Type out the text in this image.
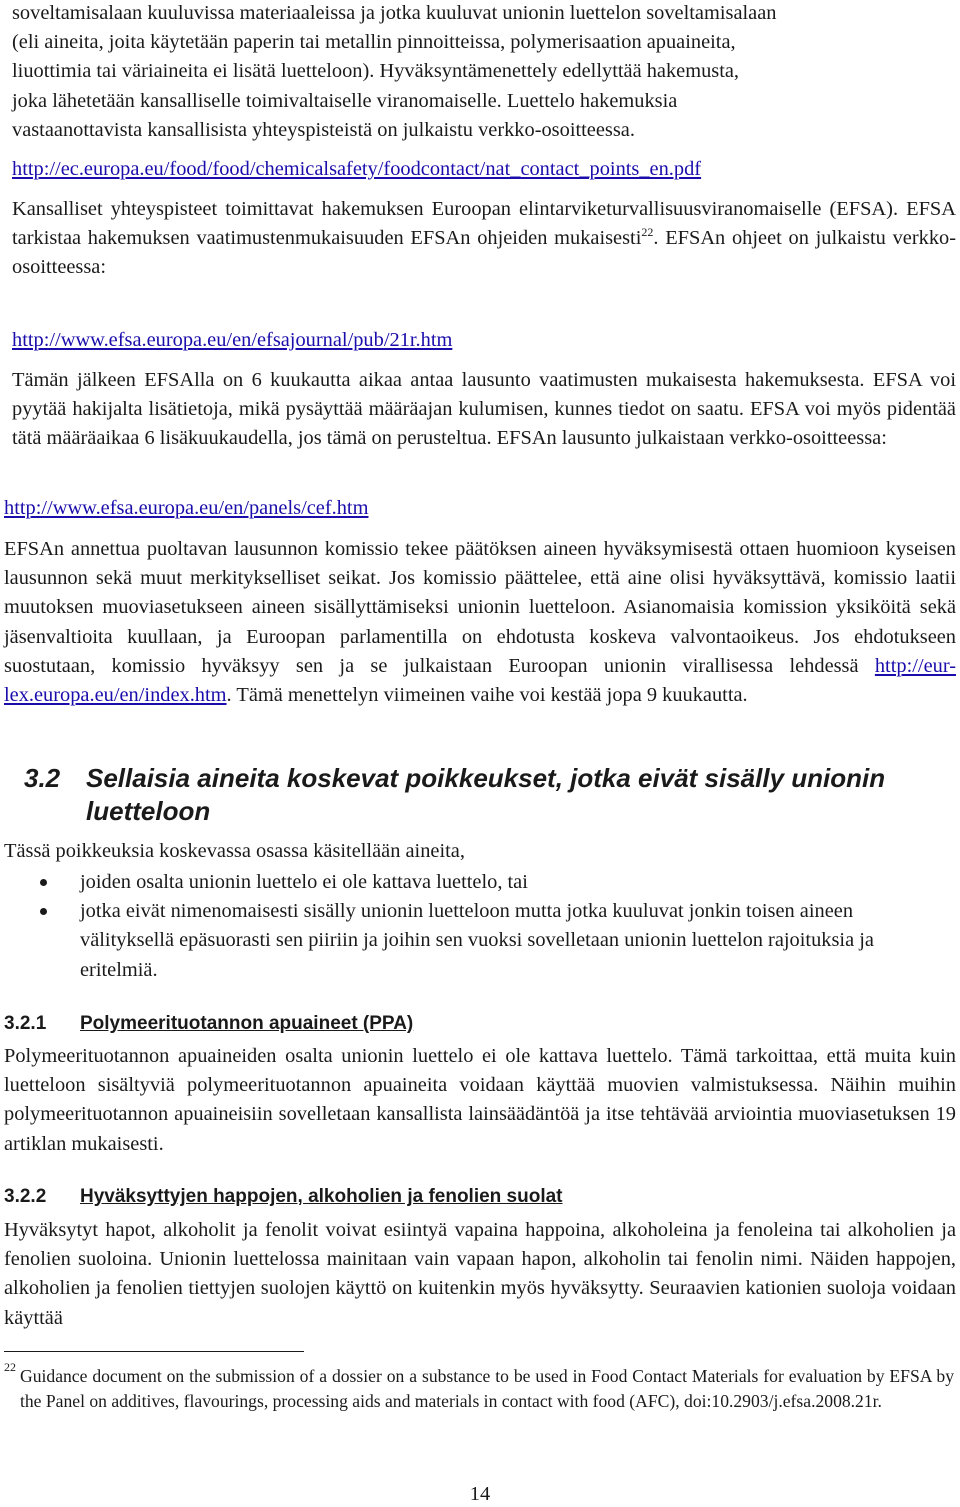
soveltamisalaan kuuluvissa materiaaleissa ja jotka kuuluvat unionin luettelon soveltamisalaan
(eli aineita, joita käytetään paperin tai metallin pinnoitteissa, polymerisaation apuaineita,
liuottimia tai väriaineita ei lisätä luetteloon). Hyväksyntämenettely edellyttää hakemusta,
joka lähetetään kansalliselle toimivaltaiselle viranomaiselle. Luettelo hakemuksia
vastaanottavista kansallisista yhteyspisteistä on julkaistu verkko-osoitteessa.
http://ec.europa.eu/food/food/chemicalsafety/foodcontact/nat_contact_points_en.pdf

Kansalliset yhteyspisteet toimittavat hakemuksen Euroopan elintarviketurvallisuusviranomaiselle (EFSA). EFSA tarkistaa hakemuksen vaatimustenmukaisuuden EFSAn ohjeiden mukaisesti$^{22}$. EFSAn ohjeet on julkaistu verkko-osoitteessa:

http://www.efsa.europa.eu/en/efsajournal/pub/21r.htm

Tämän jälkeen EFSAlla on 6 kuukautta aikaa antaa lausunto vaatimusten mukaisesta hakemuksesta. EFSA voi pyytää hakijalta lisätietoja, mikä pysäyttää määräajan kulumisen, kunnes tiedot on saatu. EFSA voi myös pidentää tätä määräaikaa 6 lisäkuukaudella, jos tämä on perusteltua. EFSAn lausunto julkaistaan verkko-osoitteessa:

http://www.efsa.europa.eu/en/panels/cef.htm

EFSAn annettua puoltavan lausunnon komissio tekee päätöksen aineen hyväksymisestä ottaen huomioon kyseisen lausunnon sekä muut merkitykselliset seikat. Jos komissio päättelee, että aine olisi hyväksyttävä, komissio laatii muutoksen muoviasetukseen aineen sisällyttämiseksi unionin luetteloon. Asianomaisia komission yksiköitä sekä jäsenvaltioita kuullaan, ja Euroopan parlamentilla on ehdotusta koskeva valvontaoikeus. Jos ehdotukseen suostutaan, komissio hyväksyy sen ja se julkaistaan Euroopan unionin virallisessa lehdessä http://eur-lex.europa.eu/en/index.htm. Tämä menettelyn viimeinen vaihe voi kestää jopa 9 kuukautta.

3.2 Sellaisia aineita koskevat poikkeukset, jotka eivät sisälly unionin luetteloon

Tässä poikkeuksia koskevassa osassa käsitellään aineita,

joiden osalta unionin luettelo ei ole kattava luettelo, tai
jotka eivät nimenomaisesti sisälly unionin luetteloon mutta jotka kuuluvat jonkin toisen aineen välityksellä epäsuorasti sen piiriin ja joihin sen vuoksi sovelletaan unionin luettelon rajoituksia ja eritelmiä.
3.2.1 Polymeerituotannon apuaineet (PPA)

Polymeerituotannon apuaineiden osalta unionin luettelo ei ole kattava luettelo. Tämä tarkoittaa, että muita kuin luetteloon sisältyviä polymeerituotannon apuaineita voidaan käyttää muovien valmistuksessa. Näihin muihin polymeerituotannon apuaineisiin sovelletaan kansallista lainsäädäntöä ja itse tehtävää arviointia muoviasetuksen 19 artiklan mukaisesti.

3.2.2 Hyväksyttyjen happojen, alkoholien ja fenolien suolat

Hyväksytyt hapot, alkoholit ja fenolit voivat esiintyä vapaina happoina, alkoholeina ja fenoleina tai alkoholien ja fenolien suoloina. Unionin luettelossa mainitaan vain vapaan hapon, alkoholin tai fenolin nimi. Näiden happojen, alkoholien ja fenolien tiettyjen suolojen käyttö on kuitenkin myös hyväksytty. Seuraavien kationien suoloja voidaan käyttää

22 Guidance document on the submission of a dossier on a substance to be used in Food Contact Materials for evaluation by EFSA by the Panel on additives, flavourings, processing aids and materials in contact with food (AFC), doi:10.2903/j.efsa.2008.21r.
14
